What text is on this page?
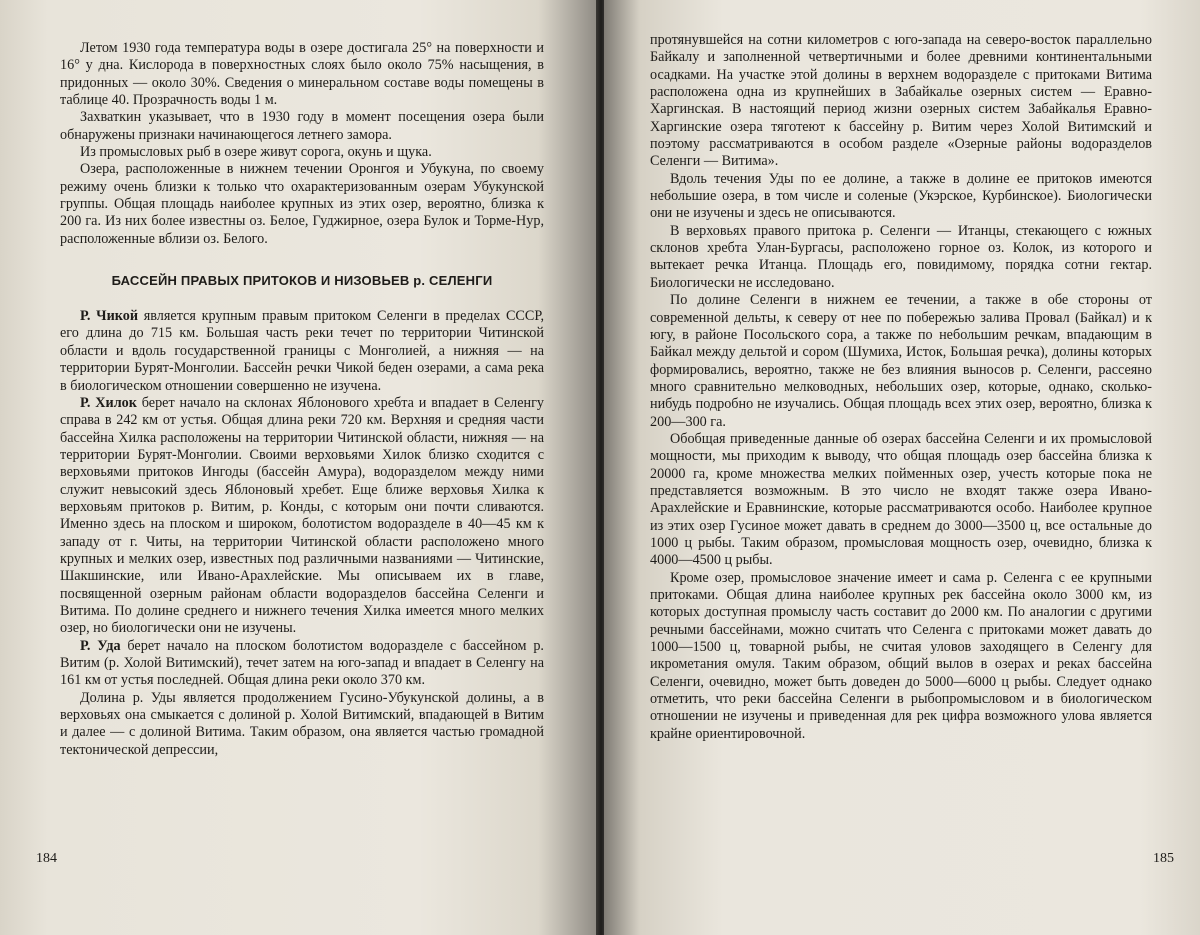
Летом 1930 года температура воды в озере достигала 25° на поверхности и 16° у дна. Кислорода в поверхностных слоях было около 75% насыщения, в придонных — около 30%. Сведения о минеральном составе воды помещены в таблице 40. Прозрачность воды 1 м.

Захваткин указывает, что в 1930 году в момент посещения озера были обнаружены признаки начинающегося летнего замора.

Из промысловых рыб в озере живут сорога, окунь и щука.

Озера, расположенные в нижнем течении Оронгоя и Убукуна, по своему режиму очень близки к только что охарактеризованным озерам Убукунской группы. Общая площадь наиболее крупных из этих озер, вероятно, близка к 200 га. Из них более известны оз. Белое, Гуджирное, озера Булок и Торме-Нур, расположенные вблизи оз. Белого.

БАССЕЙН ПРАВЫХ ПРИТОКОВ И НИЗОВЬЕВ р. СЕЛЕНГИ

Р. Чикой является крупным правым притоком Селенги в пределах СССР, его длина до 715 км. Большая часть реки течет по территории Читинской области и вдоль государственной границы с Монголией, а нижняя — на территории Бурят-Монголии. Бассейн речки Чикой беден озерами, а сама река в биологическом отношении совершенно не изучена.

Р. Хилок берет начало на склонах Яблонового хребта и впадает в Селенгу справа в 242 км от устья. Общая длина реки 720 км. Верхняя и средняя части бассейна Хилка расположены на территории Читинской области, нижняя — на территории Бурят-Монголии. Своими верховьями Хилок близко сходится с верховьями притоков Ингоды (бассейн Амура), водоразделом между ними служит невысокий здесь Яблоновый хребет. Еще ближе верховья Хилка к верховьям притоков р. Витим, р. Конды, с которым они почти сливаются. Именно здесь на плоском и широком, болотистом водоразделе в 40—45 км к западу от г. Читы, на территории Читинской области расположено много крупных и мелких озер, известных под различными названиями — Читинские, Шакшинские, или Ивано-Арахлейские. Мы описываем их в главе, посвященной озерным районам области водоразделов бассейна Селенги и Витима. По долине среднего и нижнего течения Хилка имеется много мелких озер, но биологически они не изучены.

Р. Уда берет начало на плоском болотистом водоразделе с бассейном р. Витим (р. Холой Витимский), течет затем на юго-запад и впадает в Селенгу на 161 км от устья последней. Общая длина реки около 370 км.

Долина р. Уды является продолжением Гусино-Убукунской долины, а в верховьях она смыкается с долиной р. Холой Витимский, впадающей в Витим и далее — с долиной Витима. Таким образом, она является частью громадной тектонической депрессии,

184

протянувшейся на сотни километров с юго-запада на северо-восток параллельно Байкалу и заполненной четвертичными и более древними континентальными осадками. На участке этой долины в верхнем водоразделе с притоками Витима расположена одна из крупнейших в Забайкалье озерных систем — Еравно-Харгинская. В настоящий период жизни озерных систем Забайкалья Еравно-Харгинские озера тяготеют к бассейну р. Витим через Холой Витимский и поэтому рассматриваются в особом разделе «Озерные районы водоразделов Селенги — Витима».

Вдоль течения Уды по ее долине, а также в долине ее притоков имеются небольшие озера, в том числе и соленые (Укэрское, Курбинское). Биологически они не изучены и здесь не описываются.

В верховьях правого притока р. Селенги — Итанцы, стекающего с южных склонов хребта Улан-Бургасы, расположено горное оз. Колок, из которого и вытекает речка Итанца. Площадь его, повидимому, порядка сотни гектар. Биологически не исследовано.

По долине Селенги в нижнем ее течении, а также в обе стороны от современной дельты, к северу от нее по побережью залива Провал (Байкал) и к югу, в районе Посольского сора, а также по небольшим речкам, впадающим в Байкал между дельтой и сором (Шумиха, Исток, Большая речка), долины которых формировались, вероятно, также не без влияния выносов р. Селенги, рассеяно много сравнительно мелководных, небольших озер, которые, однако, сколько-нибудь подробно не изучались. Общая площадь всех этих озер, вероятно, близка к 200—300 га.

Обобщая приведенные данные об озерах бассейна Селенги и их промысловой мощности, мы приходим к выводу, что общая площадь озер бассейна близка к 20000 га, кроме множества мелких пойменных озер, учесть которые пока не представляется возможным. В это число не входят также озера Ивано-Арахлейские и Еравнинские, которые рассматриваются особо. Наиболее крупное из этих озер Гусиное может давать в среднем до 3000—3500 ц, все остальные до 1000 ц рыбы. Таким образом, промысловая мощность озер, очевидно, близка к 4000—4500 ц рыбы.

Кроме озер, промысловое значение имеет и сама р. Селенга с ее крупными притоками. Общая длина наиболее крупных рек бассейна около 3000 км, из которых доступная промыслу часть составит до 2000 км. По аналогии с другими речными бассейнами, можно считать что Селенга с притоками может давать до 1000—1500 ц, товарной рыбы, не считая уловов заходящего в Селенгу для икрометания омуля. Таким образом, общий вылов в озерах и реках бассейна Селенги, очевидно, может быть доведен до 5000—6000 ц рыбы. Следует однако отметить, что реки бассейна Селенги в рыбопромысловом и в биологическом отношении не изучены и приведенная для рек цифра возможного улова является крайне ориентировочной.

185
